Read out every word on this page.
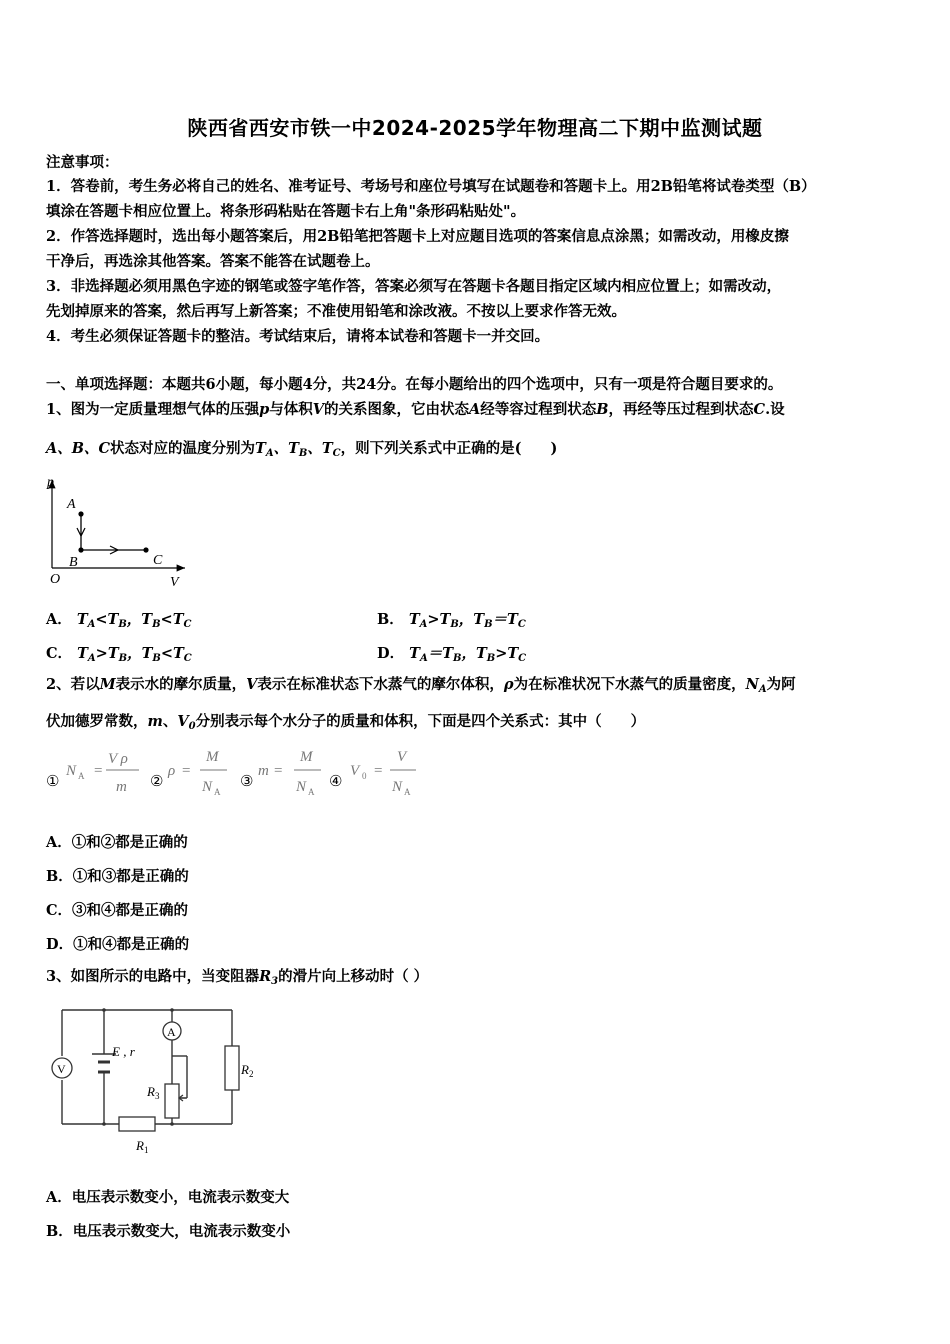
陕西省西安市铁一中2024-2025学年物理高二下期中监测试题
注意事项：
1．答卷前，考生务必将自己的姓名、准考证号、考场号和座位号填写在试题卷和答题卡上。用2B铅笔将试卷类型（B）
填涂在答题卡相应位置上。将条形码粘贴在答题卡右上角"条形码粘贴处"。
2．作答选择题时，选出每小题答案后，用2B铅笔把答题卡上对应题目选项的答案信息点涂黑；如需改动，用橡皮擦
干净后，再选涂其他答案。答案不能答在试题卷上。
3．非选择题必须用黑色字迹的钢笔或签字笔作答，答案必须写在答题卡各题目指定区域内相应位置上；如需改动，
先划掉原来的答案，然后再写上新答案；不准使用铅笔和涂改液。不按以上要求作答无效。
4．考生必须保证答题卡的整洁。考试结束后，请将本试卷和答题卡一并交回。
一、单项选择题：本题共6小题，每小题4分，共24分。在每小题给出的四个选项中，只有一项是符合题目要求的。
1、图为一定质量理想气体的压强p与体积V的关系图象，它由状态A经等容过程到状态B，再经等压过程到状态C.设
A、B、C状态对应的温度分别为$T_A$、$T_B$、$T_C$，则下列关系式中正确的是(　　)
p
V
O
A
B	C
A． $T_A<T_B$，$T_B<T_C$	B． $T_A>T_B$，$T_B=T_C$
C． $T_A>T_B$，$T_B<T_C$	D． $T_A=T_B$，$T_B>T_C$
2、若以M表示水的摩尔质量，V表示在标准状态下水蒸气的摩尔体积，ρ为在标准状况下水蒸气的质量密度，$N_A$为阿
伏加德罗常数，m、$V_0$分别表示每个水分子的质量和体积，下面是四个关系式：其中（　　）
①	②	③	④
N A =
V ρ
m
ρ =
M
N A
m =
M
N A
V 0 =
V
N A
A．①和②都是正确的
B．①和③都是正确的
C．③和④都是正确的
D．①和④都是正确的
3、如图所示的电路中，当变阻器$R_3$的滑片向上移动时（ ）
V
A
E , r
$R_1$
$R_2$
$R_3$
A．电压表示数变小，电流表示数变大
B．电压表示数变大，电流表示数变小
